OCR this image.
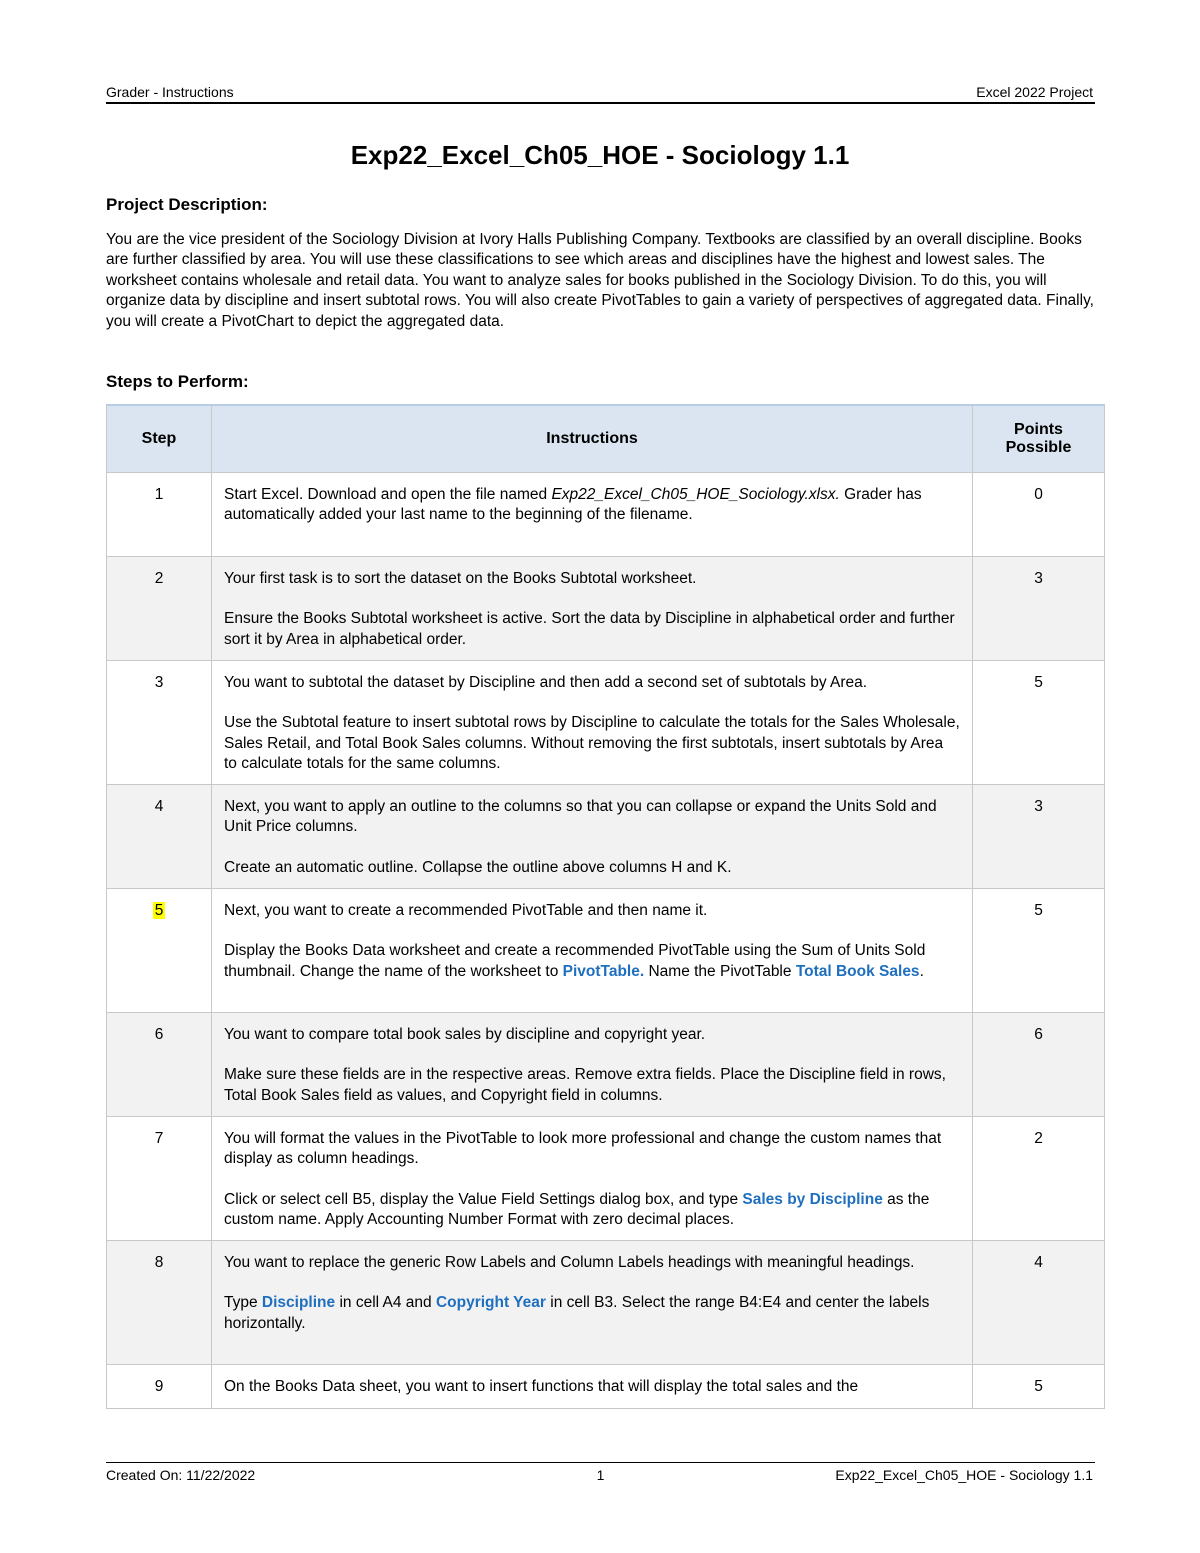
Grader - Instructions	Excel 2022 Project
Exp22_Excel_Ch05_HOE - Sociology 1.1
Project Description:
You are the vice president of the Sociology Division at Ivory Halls Publishing Company. Textbooks are classified by an overall discipline. Books are further classified by area. You will use these classifications to see which areas and disciplines have the highest and lowest sales. The worksheet contains wholesale and retail data. You want to analyze sales for books published in the Sociology Division. To do this, you will organize data by discipline and insert subtotal rows. You will also create PivotTables to gain a variety of perspectives of aggregated data. Finally, you will create a PivotChart to depict the aggregated data.
Steps to Perform:
Step	Instructions	Points Possible
1	Start Excel. Download and open the file named Exp22_Excel_Ch05_HOE_Sociology.xlsx. Grader has automatically added your last name to the beginning of the filename.	0
2	Your first task is to sort the dataset on the Books Subtotal worksheet.

Ensure the Books Subtotal worksheet is active. Sort the data by Discipline in alphabetical order and further sort it by Area in alphabetical order.	3
3	You want to subtotal the dataset by Discipline and then add a second set of subtotals by Area.

Use the Subtotal feature to insert subtotal rows by Discipline to calculate the totals for the Sales Wholesale, Sales Retail, and Total Book Sales columns. Without removing the first subtotals, insert subtotals by Area to calculate totals for the same columns.	5
4	Next, you want to apply an outline to the columns so that you can collapse or expand the Units Sold and Unit Price columns.

Create an automatic outline. Collapse the outline above columns H and K.	3
5	Next, you want to create a recommended PivotTable and then name it.

Display the Books Data worksheet and create a recommended PivotTable using the Sum of Units Sold thumbnail. Change the name of the worksheet to PivotTable. Name the PivotTable Total Book Sales.	5
6	You want to compare total book sales by discipline and copyright year.

Make sure these fields are in the respective areas. Remove extra fields. Place the Discipline field in rows, Total Book Sales field as values, and Copyright field in columns.	6
7	You will format the values in the PivotTable to look more professional and change the custom names that display as column headings.

Click or select cell B5, display the Value Field Settings dialog box, and type Sales by Discipline as the custom name. Apply Accounting Number Format with zero decimal places.	2
8	You want to replace the generic Row Labels and Column Labels headings with meaningful headings.

Type Discipline in cell A4 and Copyright Year in cell B3. Select the range B4:E4 and center the labels horizontally.	4
9	On the Books Data sheet, you want to insert functions that will display the total sales and the	5
Created On: 11/22/2022	1	Exp22_Excel_Ch05_HOE - Sociology 1.1
